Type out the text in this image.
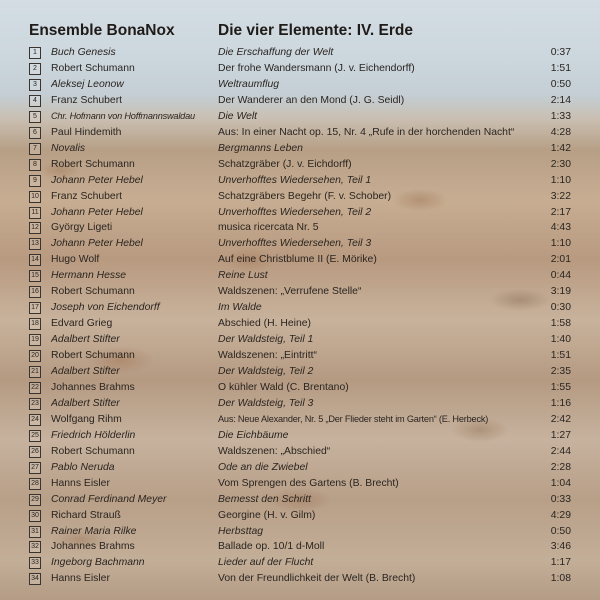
Ensemble BonaNox	Die vier Elemente: IV. Erde
1	Buch Genesis	Die Erschaffung der Welt	0:37
2	Robert Schumann	Der frohe Wandersmann (J. v. Eichendorff)	1:51
3	Aleksej Leonow	Weltraumflug	0:50
4	Franz Schubert	Der Wanderer an den Mond (J. G. Seidl)	2:14
5	Chr. Hofmann von Hoffmannswaldau	Die Welt	1:33
6	Paul Hindemith	Aus: In einer Nacht op. 15, Nr. 4 „Rufe in der horchenden Nacht“	4:28
7	Novalis	Bergmanns Leben	1:42
8	Robert Schumann	Schatzgräber (J. v. Eichdorff)	2:30
9	Johann Peter Hebel	Unverhofftes Wiedersehen, Teil 1	1:10
10 Franz Schubert	Schatzgräbers Begehr (F. v. Schober)	3:22
11 Johann Peter Hebel	Unverhofftes Wiedersehen, Teil 2	2:17
12 György Ligeti	musica ricercata Nr. 5	4:43
13 Johann Peter Hebel	Unverhofftes Wiedersehen, Teil 3	1:10
14 Hugo Wolf	Auf eine Christblume II (E. Mörike)	2:01
15 Hermann Hesse	Reine Lust	0:44
16 Robert Schumann	Waldszenen: „Verrufene Stelle“	3:19
17 Joseph von Eichendorff	Im Walde	0:30
18 Edvard Grieg	Abschied (H. Heine)	1:58
19 Adalbert Stifter	Der Waldsteig, Teil 1	1:40
20 Robert Schumann	Waldszenen: „Eintritt“	1:51
21 Adalbert Stifter	Der Waldsteig, Teil 2	2:35
22 Johannes Brahms	O kühler Wald (C. Brentano)	1:55
23 Adalbert Stifter	Der Waldsteig, Teil 3	1:16
24 Wolfgang Rihm	Aus: Neue Alexander, Nr. 5 „Der Flieder steht im Garten“ (E. Herbeck)	2:42
25 Friedrich Hölderlin	Die Eichbäume	1:27
26 Robert Schumann	Waldszenen: „Abschied“	2:44
27 Pablo Neruda	Ode an die Zwiebel	2:28
28 Hanns Eisler	Vom Sprengen des Gartens (B. Brecht)	1:04
29 Conrad Ferdinand Meyer	Bemesst den Schritt	0:33
30 Richard Strauß	Georgine (H. v. Gilm)	4:29
31 Rainer Maria Rilke	Herbsttag	0:50
32 Johannes Brahms	Ballade op. 10/1 d-Moll	3:46
33 Ingeborg Bachmann	Lieder auf der Flucht	1:17
34 Hanns Eisler	Von der Freundlichkeit der Welt (B. Brecht)	1:08
